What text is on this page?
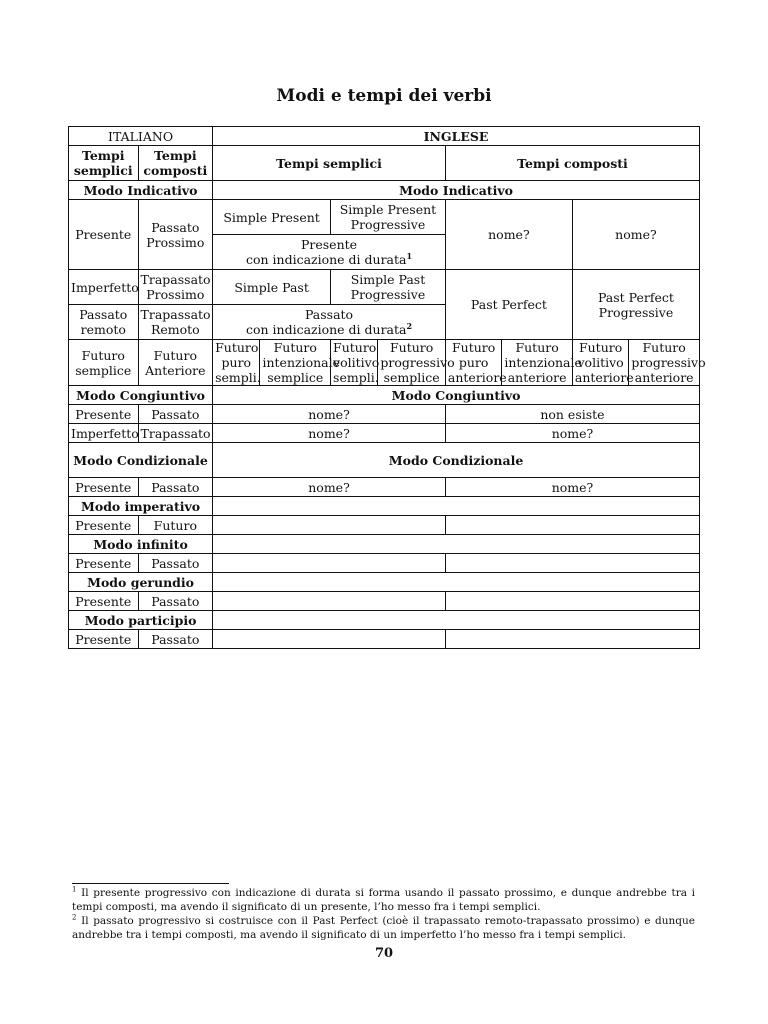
Modi e tempi dei verbi
ITALIANO		INGLESE							
Tempi semplici	Tempi composti	Tempi semplici				Tempi composti			
Modo Indicativo		Modo Indicativo							
Presente	Passato Prossimo	Simple Present		Simple Present Progressive		nome?		nome?	
		Presente
con indicazione di durata$^1$
Imperfetto	Trapassato Prossimo	Simple Past		Simple Past Progressive		Past Perfect		Past Perfect Progressive	
Passato remoto	Trapassato Remoto	Passato
con indicazione di durata$^2$
Futuro semplice	Futuro Anteriore	Futuro puro sempli.	Futuro intenzionale semplice	Futuro volitivo sempli.	Futuro progressivo semplice	Futuro puro anteriore	Futuro intenzionale anteriore	Futuro volitivo anteriore	Futuro progressivo anteriore
Modo Congiuntivo		Modo Congiuntivo							
Presente	Passato	nome?				non esiste			
Imperfetto	Trapassato	nome?				nome?			
Modo Condizionale		Modo Condizionale							
Presente	Passato	nome?				nome?			
Modo imperativo									
Presente	Futuro								
Modo infinito									
Presente	Passato								
Modo gerundio									
Presente	Passato								
Modo participio									
Presente	Passato								
$^1$ Il presente progressivo con indicazione di durata si forma usando il passato prossimo, e dunque andrebbe tra i tempi composti, ma avendo il significato di un presente, l’ho messo fra i tempi semplici.
$^2$ Il passato progressivo si costruisce con il Past Perfect (cioè il trapassato remoto-trapassato prossimo) e dunque andrebbe tra i tempi composti, ma avendo il significato di un imperfetto l’ho messo fra i tempi semplici.
70
